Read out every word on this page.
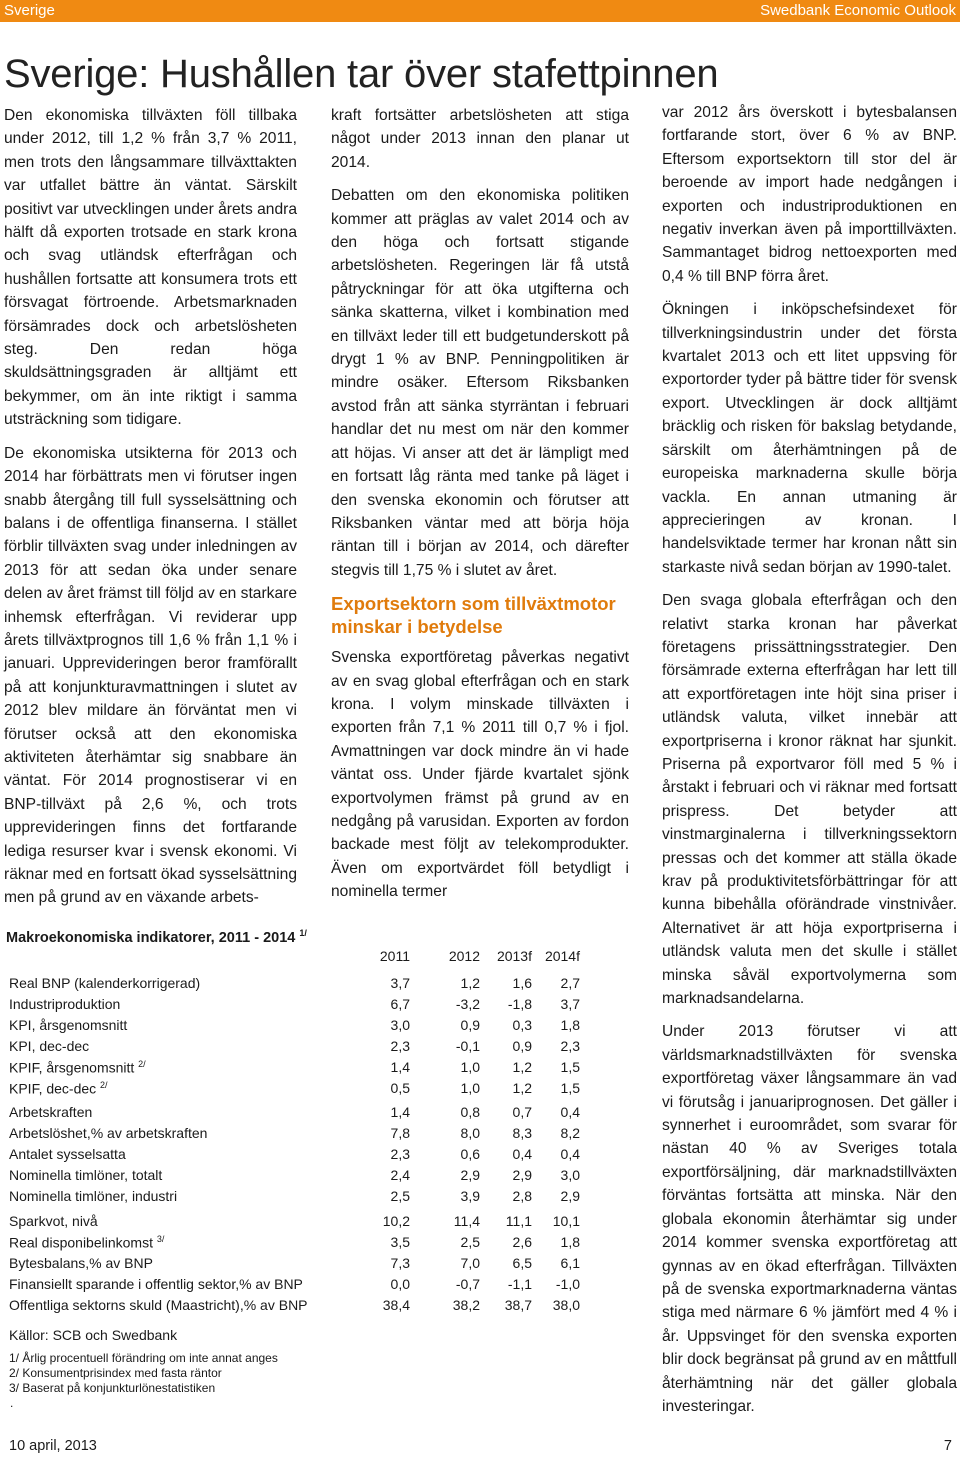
Sverige	Swedbank Economic Outlook
Sverige: Hushållen tar över stafettpinnen

Den ekonomiska tillväxten föll tillbaka under 2012, till 1,2 % från 3,7 % 2011, men trots den långsammare tillväxttakten var utfallet bättre än väntat. Särskilt positivt var utvecklingen under årets andra hälft då exporten trotsade en stark krona och svag utländsk efterfrågan och hushållen fortsatte att konsumera trots ett försvagat förtroende. Arbetsmarknaden försämrades dock och arbetslösheten steg. Den redan höga skuldsättningsgraden är alltjämt ett bekymmer, om än inte riktigt i samma utsträckning som tidigare.

De ekonomiska utsikterna för 2013 och 2014 har förbättrats men vi förutser ingen snabb återgång till full sysselsättning och balans i de offentliga finanserna. I stället förblir tillväxten svag under inledningen av 2013 för att sedan öka under senare delen av året främst till följd av en starkare inhemsk efterfrågan. Vi reviderar upp årets tillväxtprognos till 1,6 % från 1,1 % i januari. Upprevideringen beror framförallt på att konjunkturavmattningen i slutet av 2012 blev mildare än förväntat men vi förutser också att den ekonomiska aktiviteten återhämtar sig snabbare än väntat. För 2014 prognostiserar vi en BNP-tillväxt på 2,6 %, och trots upprevideringen finns det fortfarande lediga resurser kvar i svensk ekonomi. Vi räknar med en fortsatt ökad sysselsättning men på grund av en växande arbets-

kraft fortsätter arbetslösheten att stiga något under 2013 innan den planar ut 2014.

Debatten om den ekonomiska politiken kommer att präglas av valet 2014 och av den höga och fortsatt stigande arbetslösheten. Regeringen lär få utstå påtryckningar för att öka utgifterna och sänka skatterna, vilket i kombination med en tillväxt leder till ett budgetunderskott på drygt 1 % av BNP. Penningpolitiken är mindre osäker. Eftersom Riksbanken avstod från att sänka styrräntan i februari handlar det nu mest om när den kommer att höjas. Vi anser att det är lämpligt med en fortsatt låg ränta med tanke på läget i den svenska ekonomin och förutser att Riksbanken väntar med att börja höja räntan till i början av 2014, och därefter stegvis till 1,75 % i slutet av året.

Exportsektorn som tillväxtmotor minskar i betydelse

Svenska exportföretag påverkas negativt av en svag global efterfrågan och en stark krona. I volym minskade tillväxten i exporten från 7,1 % 2011 till 0,7 % i fjol. Avmattningen var dock mindre än vi hade väntat oss. Under fjärde kvartalet sjönk exportvolymen främst på grund av en nedgång på varusidan. Exporten av fordon backade mest följt av telekomprodukter. Även om exportvärdet föll betydligt i nominella termer

var 2012 års överskott i bytesbalansen fortfarande stort, över 6 % av BNP. Eftersom exportsektorn till stor del är beroende av import hade nedgången i exporten och industriproduktionen en negativ inverkan även på importtillväxten. Sammantaget bidrog nettoexporten med 0,4 % till BNP förra året.

Ökningen i inköpschefsindexet för tillverkningsindustrin under det första kvartalet 2013 och ett litet uppsving för exportorder tyder på bättre tider för svensk export. Utvecklingen är dock alltjämt bräcklig och risken för bakslag betydande, särskilt om återhämtningen på de europeiska marknaderna skulle börja vackla. En annan utmaning är apprecieringen av kronan. I handelsviktade termer har kronan nått sin starkaste nivå sedan början av 1990-talet.

Den svaga globala efterfrågan och den relativt starka kronan har påverkat företagens prissättningsstrategier. Den försämrade externa efterfrågan har lett till att exportföretagen inte höjt sina priser i utländsk valuta, vilket innebär att exportpriserna i kronor räknat har sjunkit. Priserna på exportvaror föll med 5 % i årstakt i februari och vi räknar med fortsatt prispress. Det betyder att vinstmarginalerna i tillverkningssektorn pressas och det kommer att ställa ökade krav på produktivitetsförbättringar för att kunna bibehålla oförändrade vinstnivåer. Alternativet är att höja exportpriserna i utländsk valuta men det skulle i stället minska såväl exportvolymerna som marknadsandelarna.

Under 2013 förutser vi att världsmarknadstillväxten för svenska exportföretag växer långsammare än vad vi förutsåg i januariprognosen. Det gäller i synnerhet i euroområdet, som svarar för nästan 40 % av Sveriges totala exportförsäljning, där marknadstillväxten förväntas fortsätta att minska. När den globala ekonomin återhämtar sig under 2014 kommer svenska exportföretag att gynnas av en ökad efterfrågan. Tillväxten på de svenska exportmarknaderna väntas stiga med närmare 6 % jämfört med 4 % i år. Uppsvinget för den svenska exporten blir dock begränsat på grund av en måttfull återhämtning när det gäller globala investeringar.

Makroekonomiska indikatorer, 2011 - 2014 $^{1/}$
2011	2012	2013f 2014f
Real BNP (kalenderkorrigerad)	3,7	1,2	1,6	2,7
Industriproduktion	6,7	-3,2	-1,8	3,7
KPI, årsgenomsnitt	3,0	0,9	0,3	1,8
KPI, dec-dec	2,3	-0,1	0,9	2,3
KPIF, årsgenomsnitt $^{2/}$	1,4	1,0	1,2	1,5
KPIF, dec-dec $^{2/}$	0,5	1,0	1,2	1,5
Arbetskraften	1,4	0,8	0,7	0,4
Arbetslöshet,% av arbetskraften	7,8	8,0	8,3	8,2
Antalet sysselsatta	2,3	0,6	0,4	0,4
Nominella timlöner, totalt	2,4	2,9	2,9	3,0
Nominella timlöner, industri	2,5	3,9	2,8	2,9
Sparkvot, nivå	10,2	11,4	11,1	10,1
Real disponibelinkomst $^{3/}$	3,5	2,5	2,6	1,8
Bytesbalans,% av BNP	7,3	7,0	6,5	6,1
Finansiellt sparande i offentlig sektor,% av BNP	0,0	-0,7	-1,1	-1,0
Offentliga sektorns skuld (Maastricht),% av BNP	38,4	38,2	38,7	38,0
Källor: SCB och Swedbank
1/ Årlig procentuell förändring om inte annat anges
2/ Konsumentprisindex med fasta räntor
3/ Baserat på konjunkturlönestatistiken
.
10 april, 2013	7
